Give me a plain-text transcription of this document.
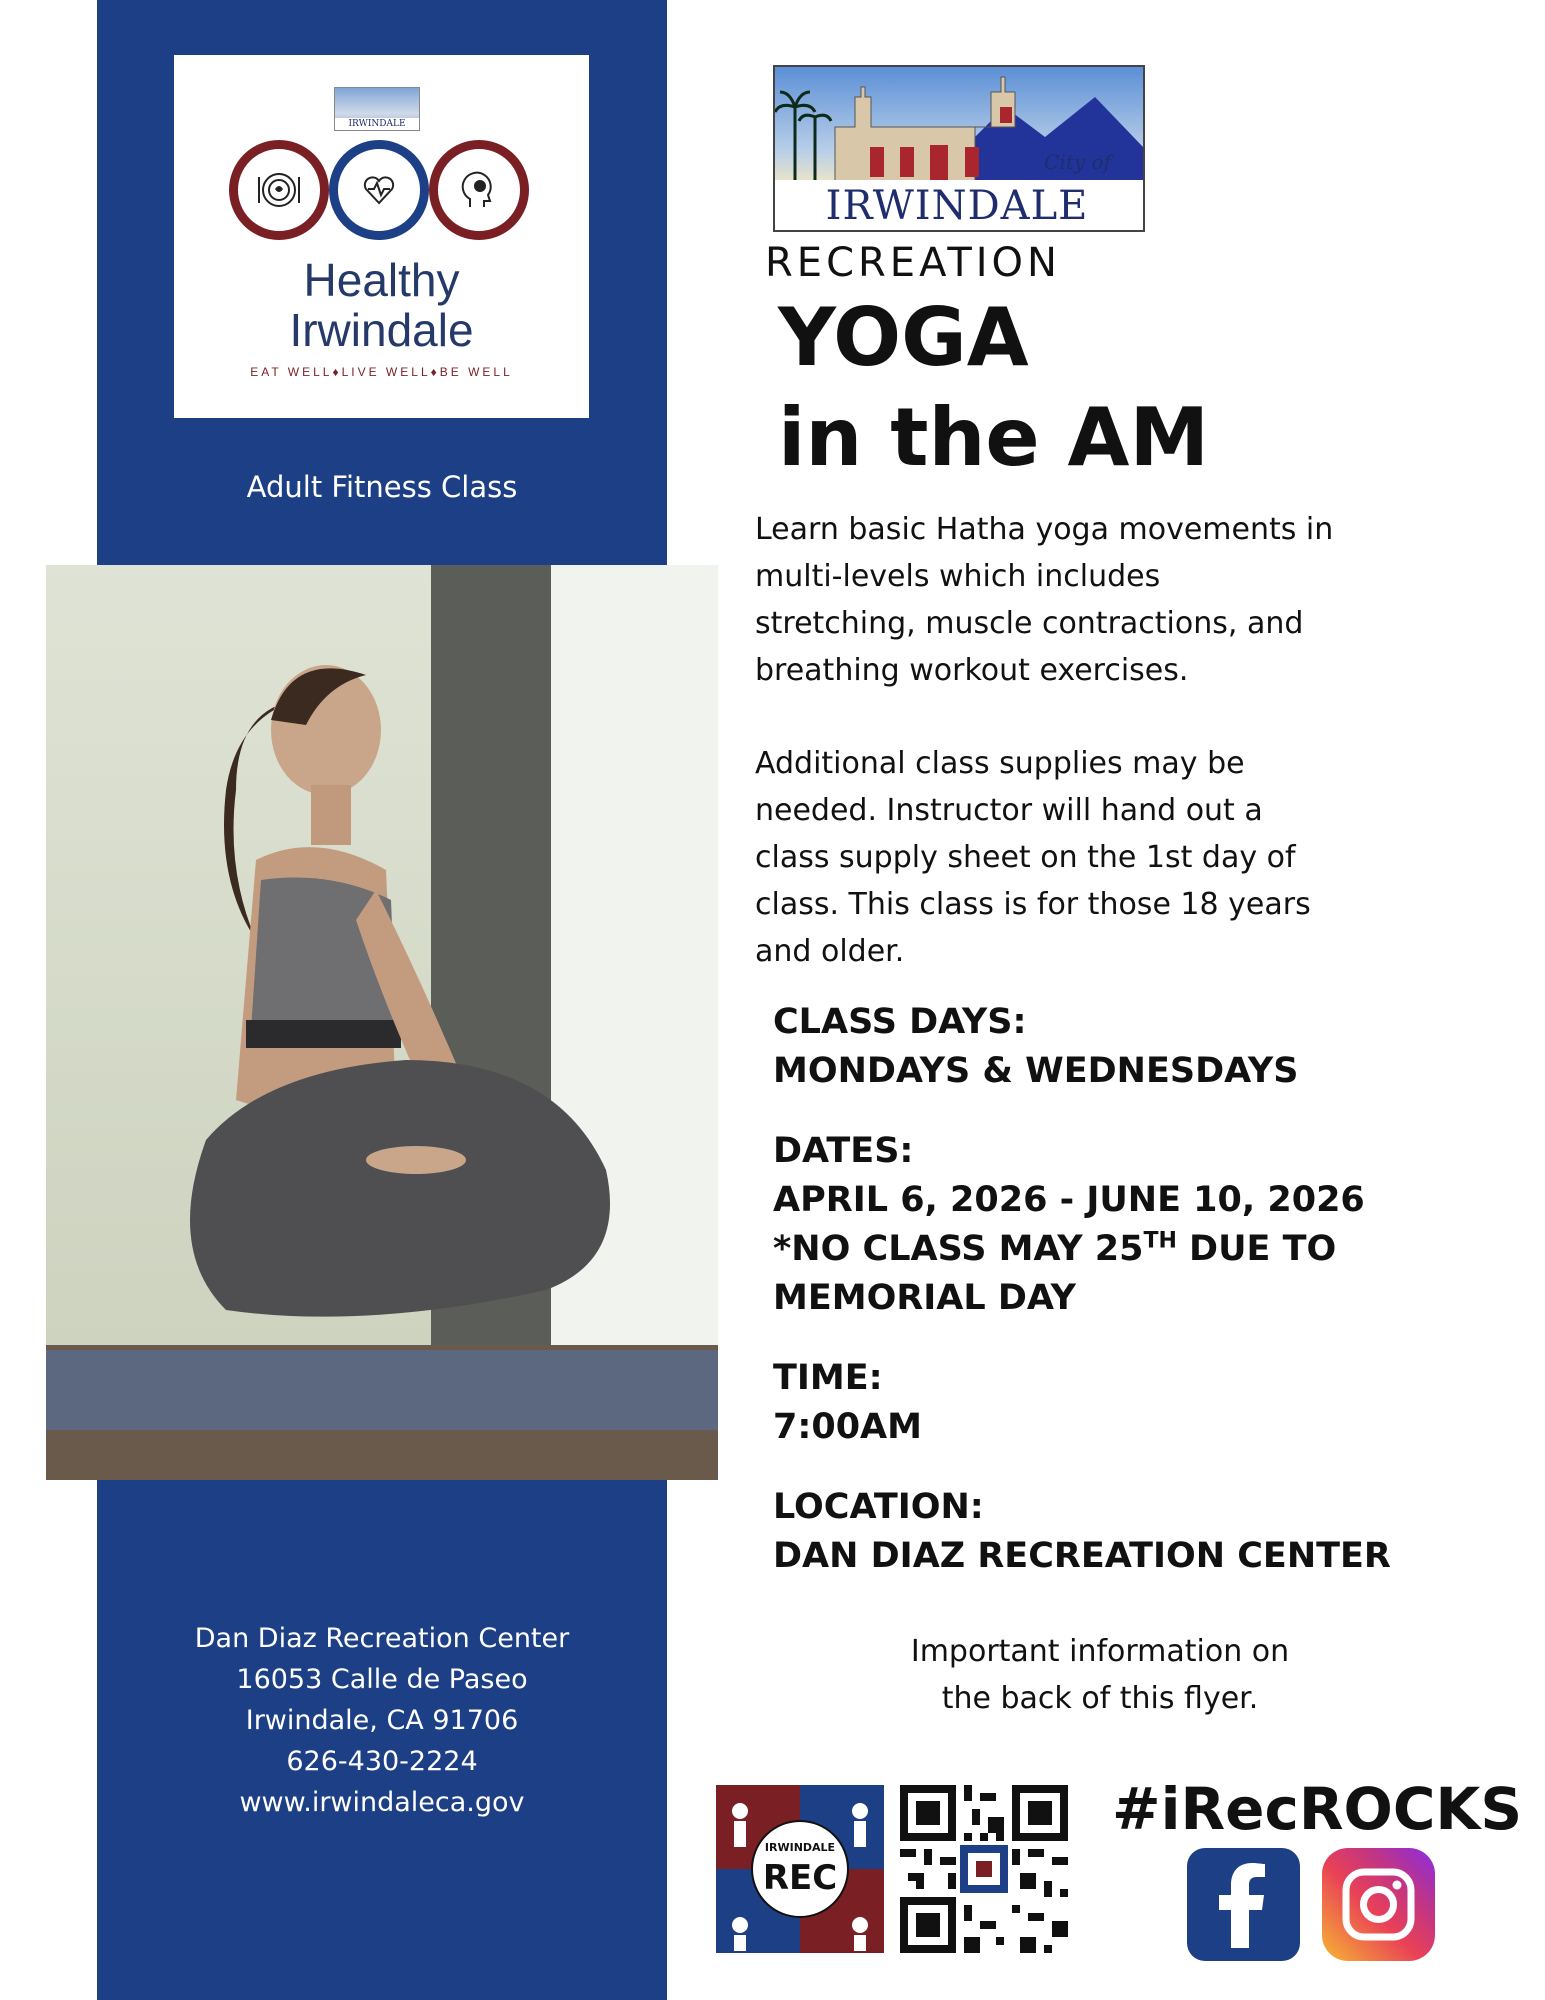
IRWINDALE
Healthy
Irwindale
EAT WELL♦LIVE WELL♦BE WELL
Adult Fitness Class
Dan Diaz Recreation Center
16053 Calle de Paseo
Irwindale, CA 91706
626-430-2224
www.irwindaleca.gov
City of
IRWINDALE
RECREATION
YOGA
in the AM
Learn basic Hatha yoga movements in
multi-levels which includes
stretching, muscle contractions, and
breathing workout exercises.
Additional class supplies may be
needed. Instructor will hand out a
class supply sheet on the 1st day of
class. This class is for those 18 years
and older.
CLASS DAYS:
MONDAYS & WEDNESDAYS
DATES:
APRIL 6, 2026 - JUNE 10, 2026
*NO CLASS MAY 25TH DUE TO
MEMORIAL DAY
TIME:
7:00AM
LOCATION:
DAN DIAZ RECREATION CENTER
Important information on
the back of this flyer.
IRWINDALE
REC
#iRecROCKS
